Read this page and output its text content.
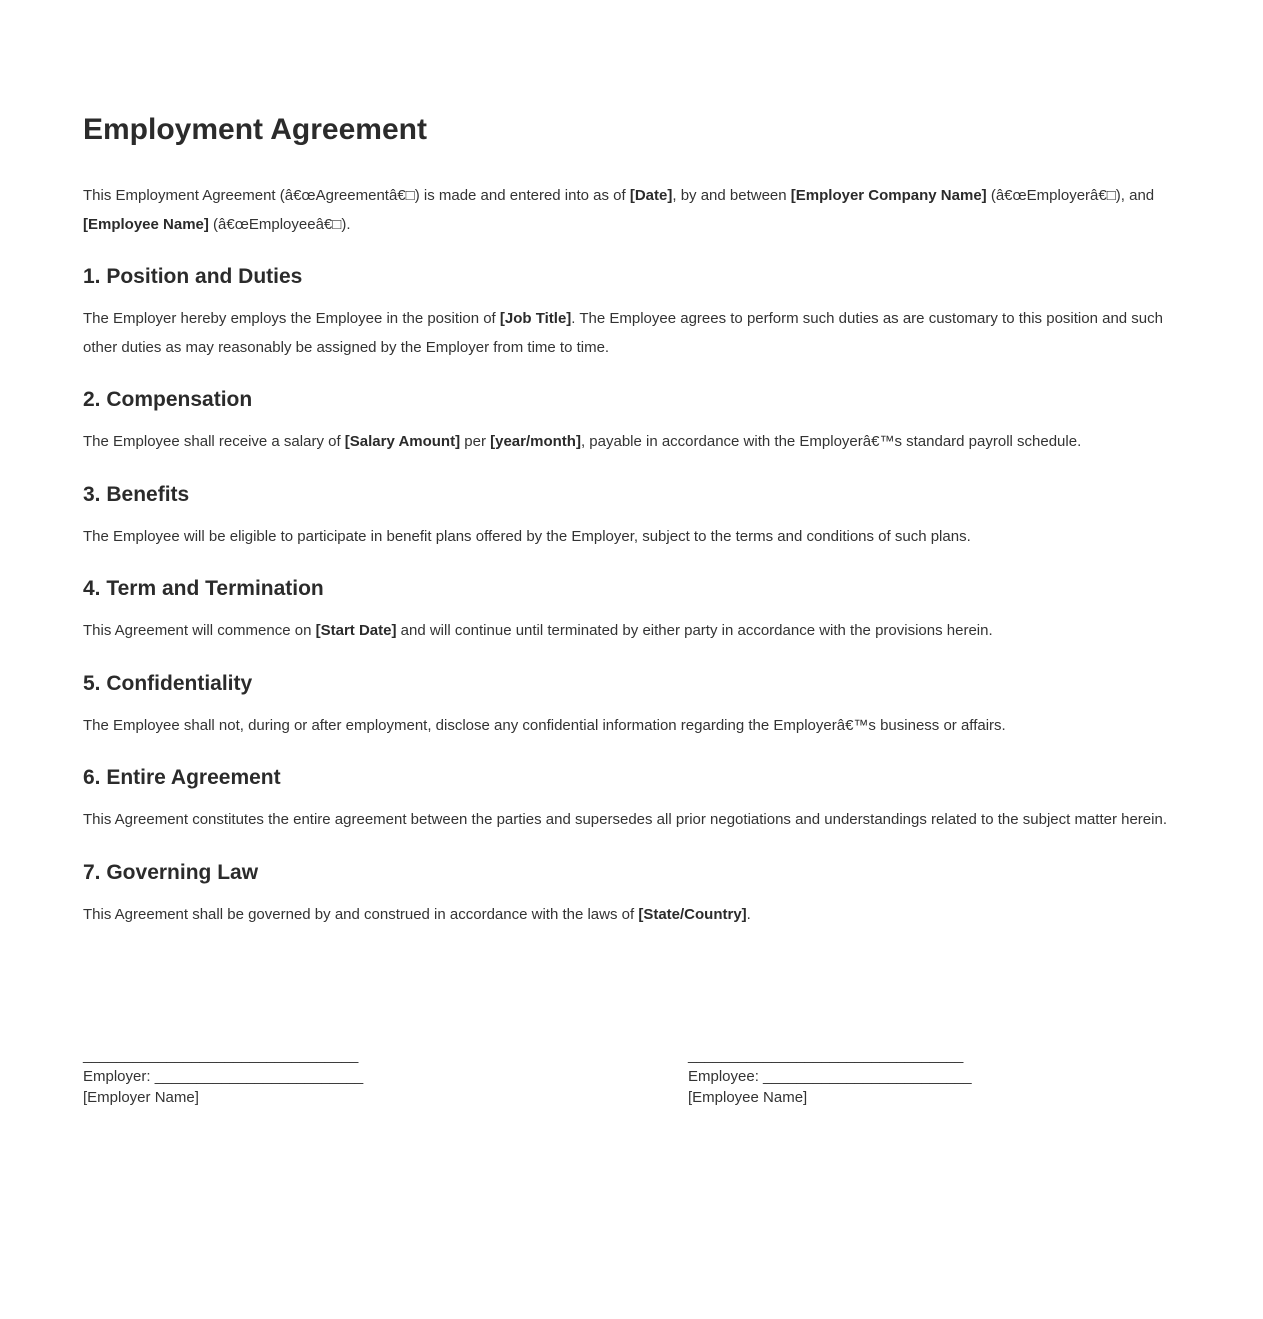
Employment Agreement

This Employment Agreement (â€œAgreementâ€□) is made and entered into as of [Date], by and between [Employer Company Name] (â€œEmployerâ€□), and [Employee Name] (â€œEmployeeâ€□).

1. Position and Duties

The Employer hereby employs the Employee in the position of [Job Title]. The Employee agrees to perform such duties as are customary to this position and such other duties as may reasonably be assigned by the Employer from time to time.

2. Compensation

The Employee shall receive a salary of [Salary Amount] per [year/month], payable in accordance with the Employerâ€™s standard payroll schedule.

3. Benefits

The Employee will be eligible to participate in benefit plans offered by the Employer, subject to the terms and conditions of such plans.

4. Term and Termination

This Agreement will commence on [Start Date] and will continue until terminated by either party in accordance with the provisions herein.

5. Confidentiality

The Employee shall not, during or after employment, disclose any confidential information regarding the Employerâ€™s business or affairs.

6. Entire Agreement

This Agreement constitutes the entire agreement between the parties and supersedes all prior negotiations and understandings related to the subject matter herein.

7. Governing Law

This Agreement shall be governed by and construed in accordance with the laws of [State/Country].

_________________________________
Employer: _________________________
[Employer Name]
_________________________________
Employee: _________________________
[Employee Name]
